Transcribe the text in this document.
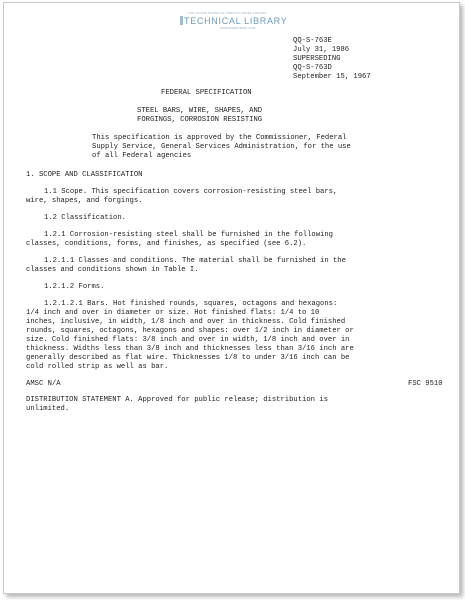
THE UNITED STATES OF AMERICA ARMED FORCES
TECHNICAL LIBRARY
WWW.EVERYSPEC.COM
QQ-S-763E
July 31, 1986
SUPERSEDING
QQ-S-763D
September 15, 1967
FEDERAL SPECIFICATION
STEEL BARS, WIRE, SHAPES, AND
FORGINGS, CORROSION RESISTING
This specification is approved by the Commissioner, Federal
Supply Service, General Services Administration, for the use
of all Federal agencies
1. SCOPE AND CLASSIFICATION
1.1 Scope. This specification covers corrosion-resisting steel bars,
wire, shapes, and forgings.
1.2 Classification.
1.2.1 Corrosion-resisting steel shall be furnished in the following
classes, conditions, forms, and finishes, as specified (see 6.2).
1.2.1.1 Classes and conditions. The material shall be furnished in the
classes and conditions shown in Table I.
1.2.1.2 Forms.
1.2.1.2.1 Bars. Hot finished rounds, squares, octagons and hexagons:
1/4 inch and over in diameter or size. Hot finished flats: 1/4 to 10
inches, inclusive, in width, 1/8 inch and over in thickness. Cold finished
rounds, squares, octagons, hexagons and shapes: over 1/2 inch in diameter or
size. Cold finished flats: 3/8 inch and over in width, 1/8 inch and over in
thickness. Widths less than 3/8 inch and thicknesses less than 3/16 inch are
generally described as flat wire. Thicknesses 1/8 to under 3/16 inch can be
cold rolled strip as well as bar.
AMSC N/A	FSC 9510
DISTRIBUTION STATEMENT A. Approved for public release; distribution is
unlimited.
